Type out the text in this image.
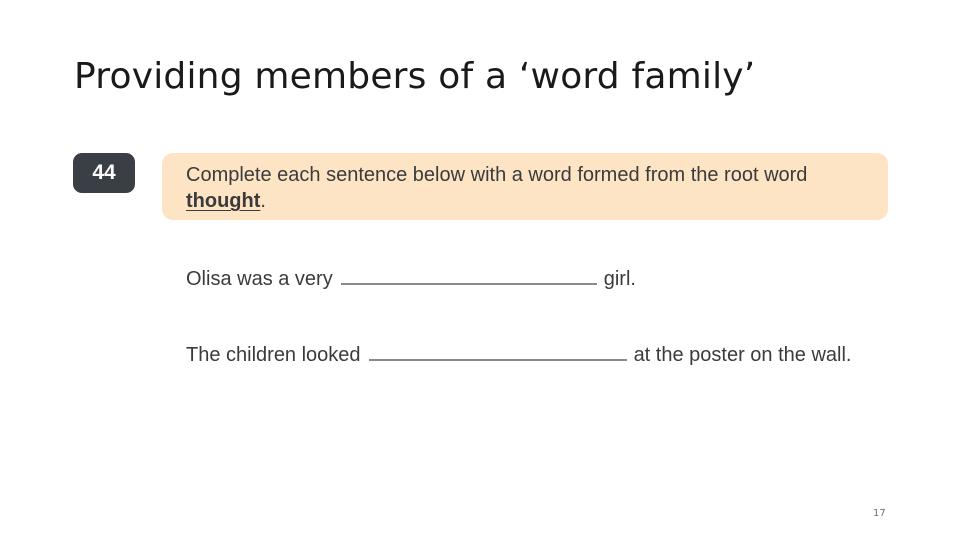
Providing members of a ‘word family’
44	Complete each sentence below with a word formed from the root word thought.
Olisa was a very	girl.
The children looked	at the poster on the wall.
17
